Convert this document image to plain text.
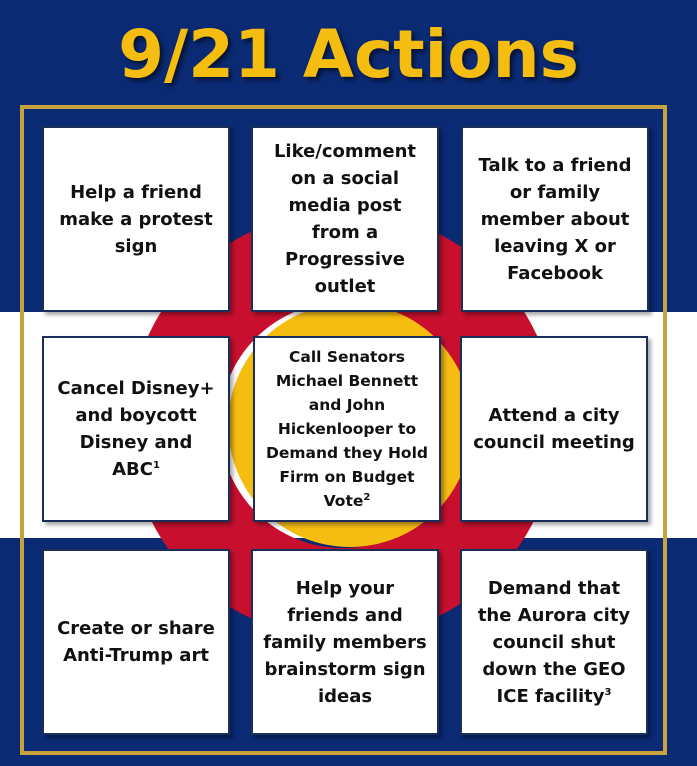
9/21 Actions
Help a friend make a protest sign
Like/comment on a social media post from a Progressive outlet
Talk to a friend or family member about leaving X or Facebook
Cancel Disney+ and boycott Disney and ABC$^1$
Call Senators Michael Bennett and John Hickenlooper to Demand they Hold Firm on Budget Vote$^2$
Attend a city council meeting
Create or share Anti-Trump art
Help your friends and family members brainstorm sign ideas
Demand that the Aurora city council shut down the GEO ICE facility$^3$
